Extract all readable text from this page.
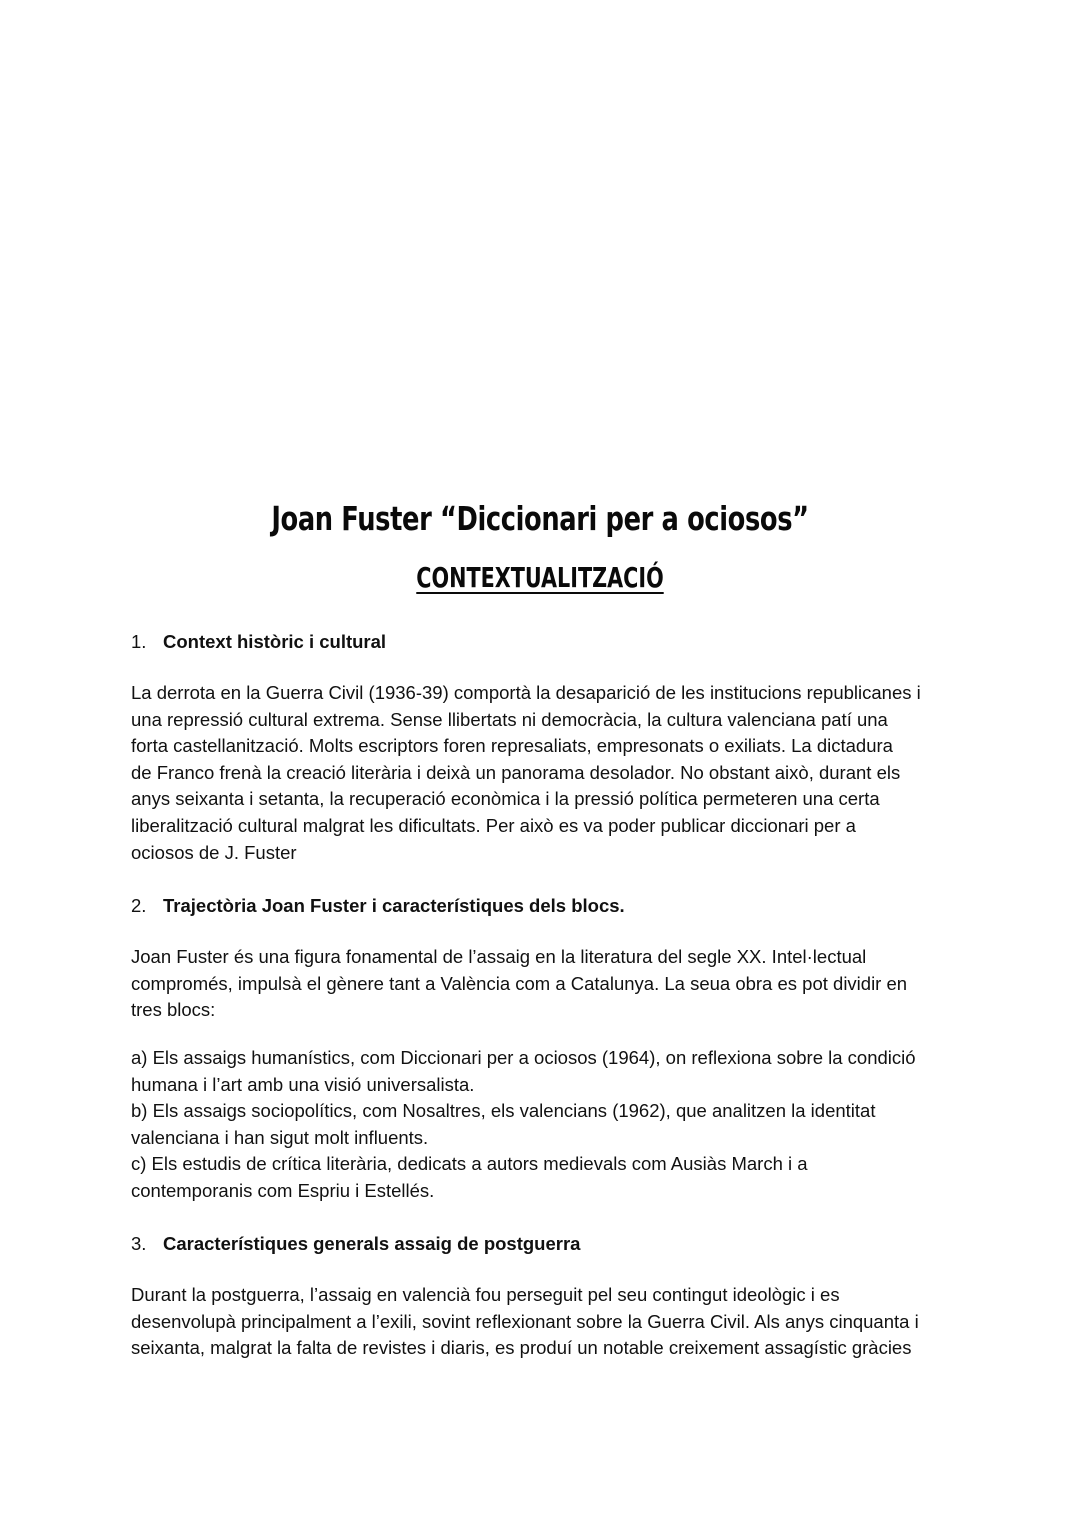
Joan Fuster “Diccionari per a ociosos”
CONTEXTUALITZACIÓ
1. Context històric i cultural
La derrota en la Guerra Civil (1936-39) comportà la desaparició de les institucions republicanes i
una repressió cultural extrema. Sense llibertats ni democràcia, la cultura valenciana patí una
forta castellanització. Molts escriptors foren represaliats, empresonats o exiliats. La dictadura
de Franco frenà la creació literària i deixà un panorama desolador. No obstant això, durant els
anys seixanta i setanta, la recuperació econòmica i la pressió política permeteren una certa
liberalització cultural malgrat les dificultats. Per això es va poder publicar diccionari per a
ociosos de J. Fuster
2. Trajectòria Joan Fuster i característiques dels blocs.
Joan Fuster és una figura fonamental de l’assaig en la literatura del segle XX. Intel·lectual
compromés, impulsà el gènere tant a València com a Catalunya. La seua obra es pot dividir en
tres blocs:
a) Els assaigs humanístics, com Diccionari per a ociosos (1964), on reflexiona sobre la condició
humana i l’art amb una visió universalista.
b) Els assaigs sociopolítics, com Nosaltres, els valencians (1962), que analitzen la identitat
valenciana i han sigut molt influents.
c) Els estudis de crítica literària, dedicats a autors medievals com Ausiàs March i a
contemporanis com Espriu i Estellés.
3. Característiques generals assaig de postguerra
Durant la postguerra, l’assaig en valencià fou perseguit pel seu contingut ideològic i es
desenvolupà principalment a l’exili, sovint reflexionant sobre la Guerra Civil. Als anys cinquanta i
seixanta, malgrat la falta de revistes i diaris, es produí un notable creixement assagístic gràcies
